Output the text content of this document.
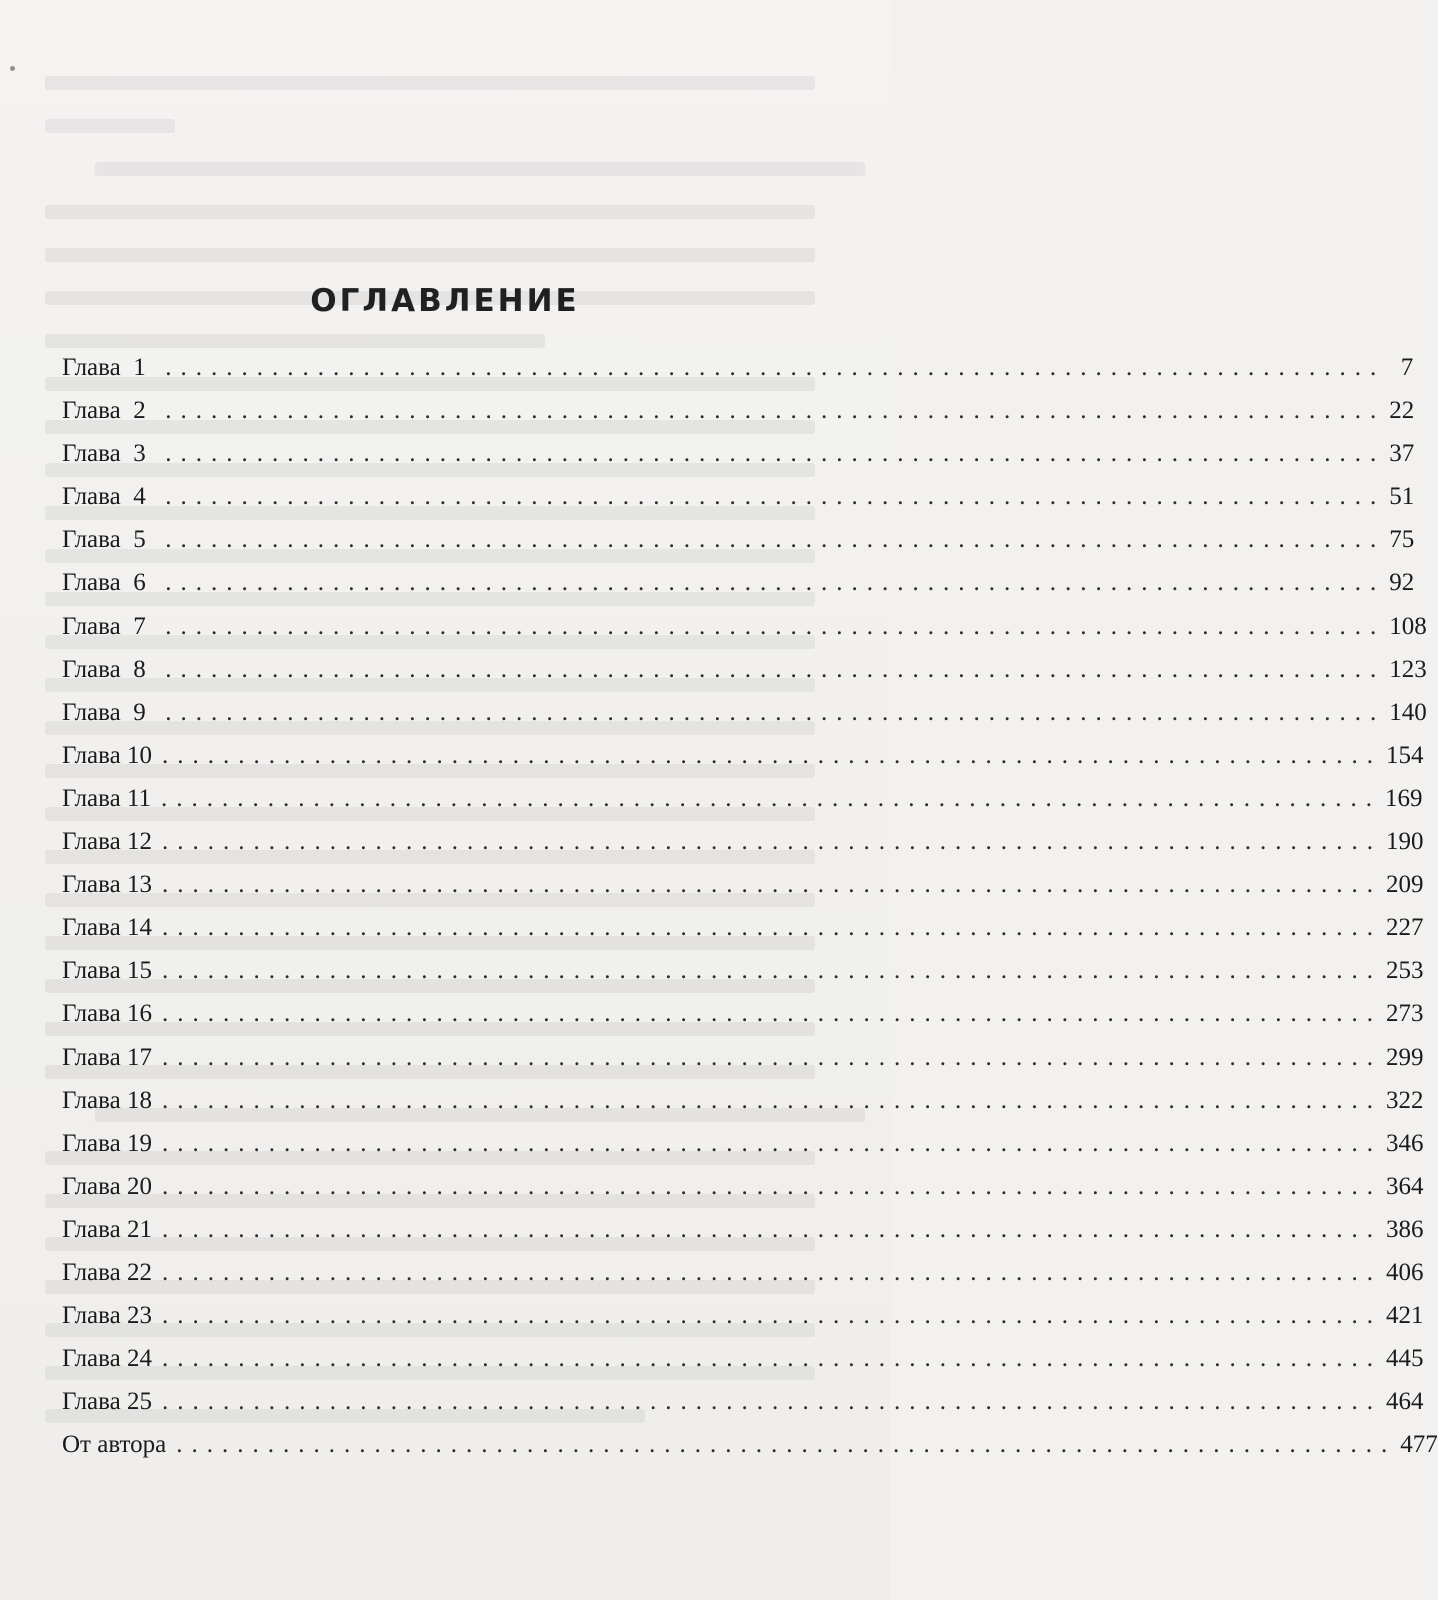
ОГЛАВЛЕНИЕ
Глава 1 ................................................................................ 7
Глава 2 ................................................................................ 22
Глава 3 ................................................................................ 37
Глава 4 ................................................................................ 51
Глава 5 ................................................................................ 75
Глава 6 ................................................................................ 92
Глава 7 ................................................................................ 108
Глава 8 ................................................................................ 123
Глава 9 ................................................................................ 140
Глава 10 ................................................................................ 154
Глава 11 ................................................................................ 169
Глава 12 ................................................................................ 190
Глава 13 ................................................................................ 209
Глава 14 ................................................................................ 227
Глава 15 ................................................................................ 253
Глава 16 ................................................................................ 273
Глава 17 ................................................................................ 299
Глава 18 ................................................................................ 322
Глава 19 ................................................................................ 346
Глава 20 ................................................................................ 364
Глава 21 ................................................................................ 386
Глава 22 ................................................................................ 406
Глава 23 ................................................................................ 421
Глава 24 ................................................................................ 445
Глава 25 ................................................................................ 464
От автора ................................................................................ 477
